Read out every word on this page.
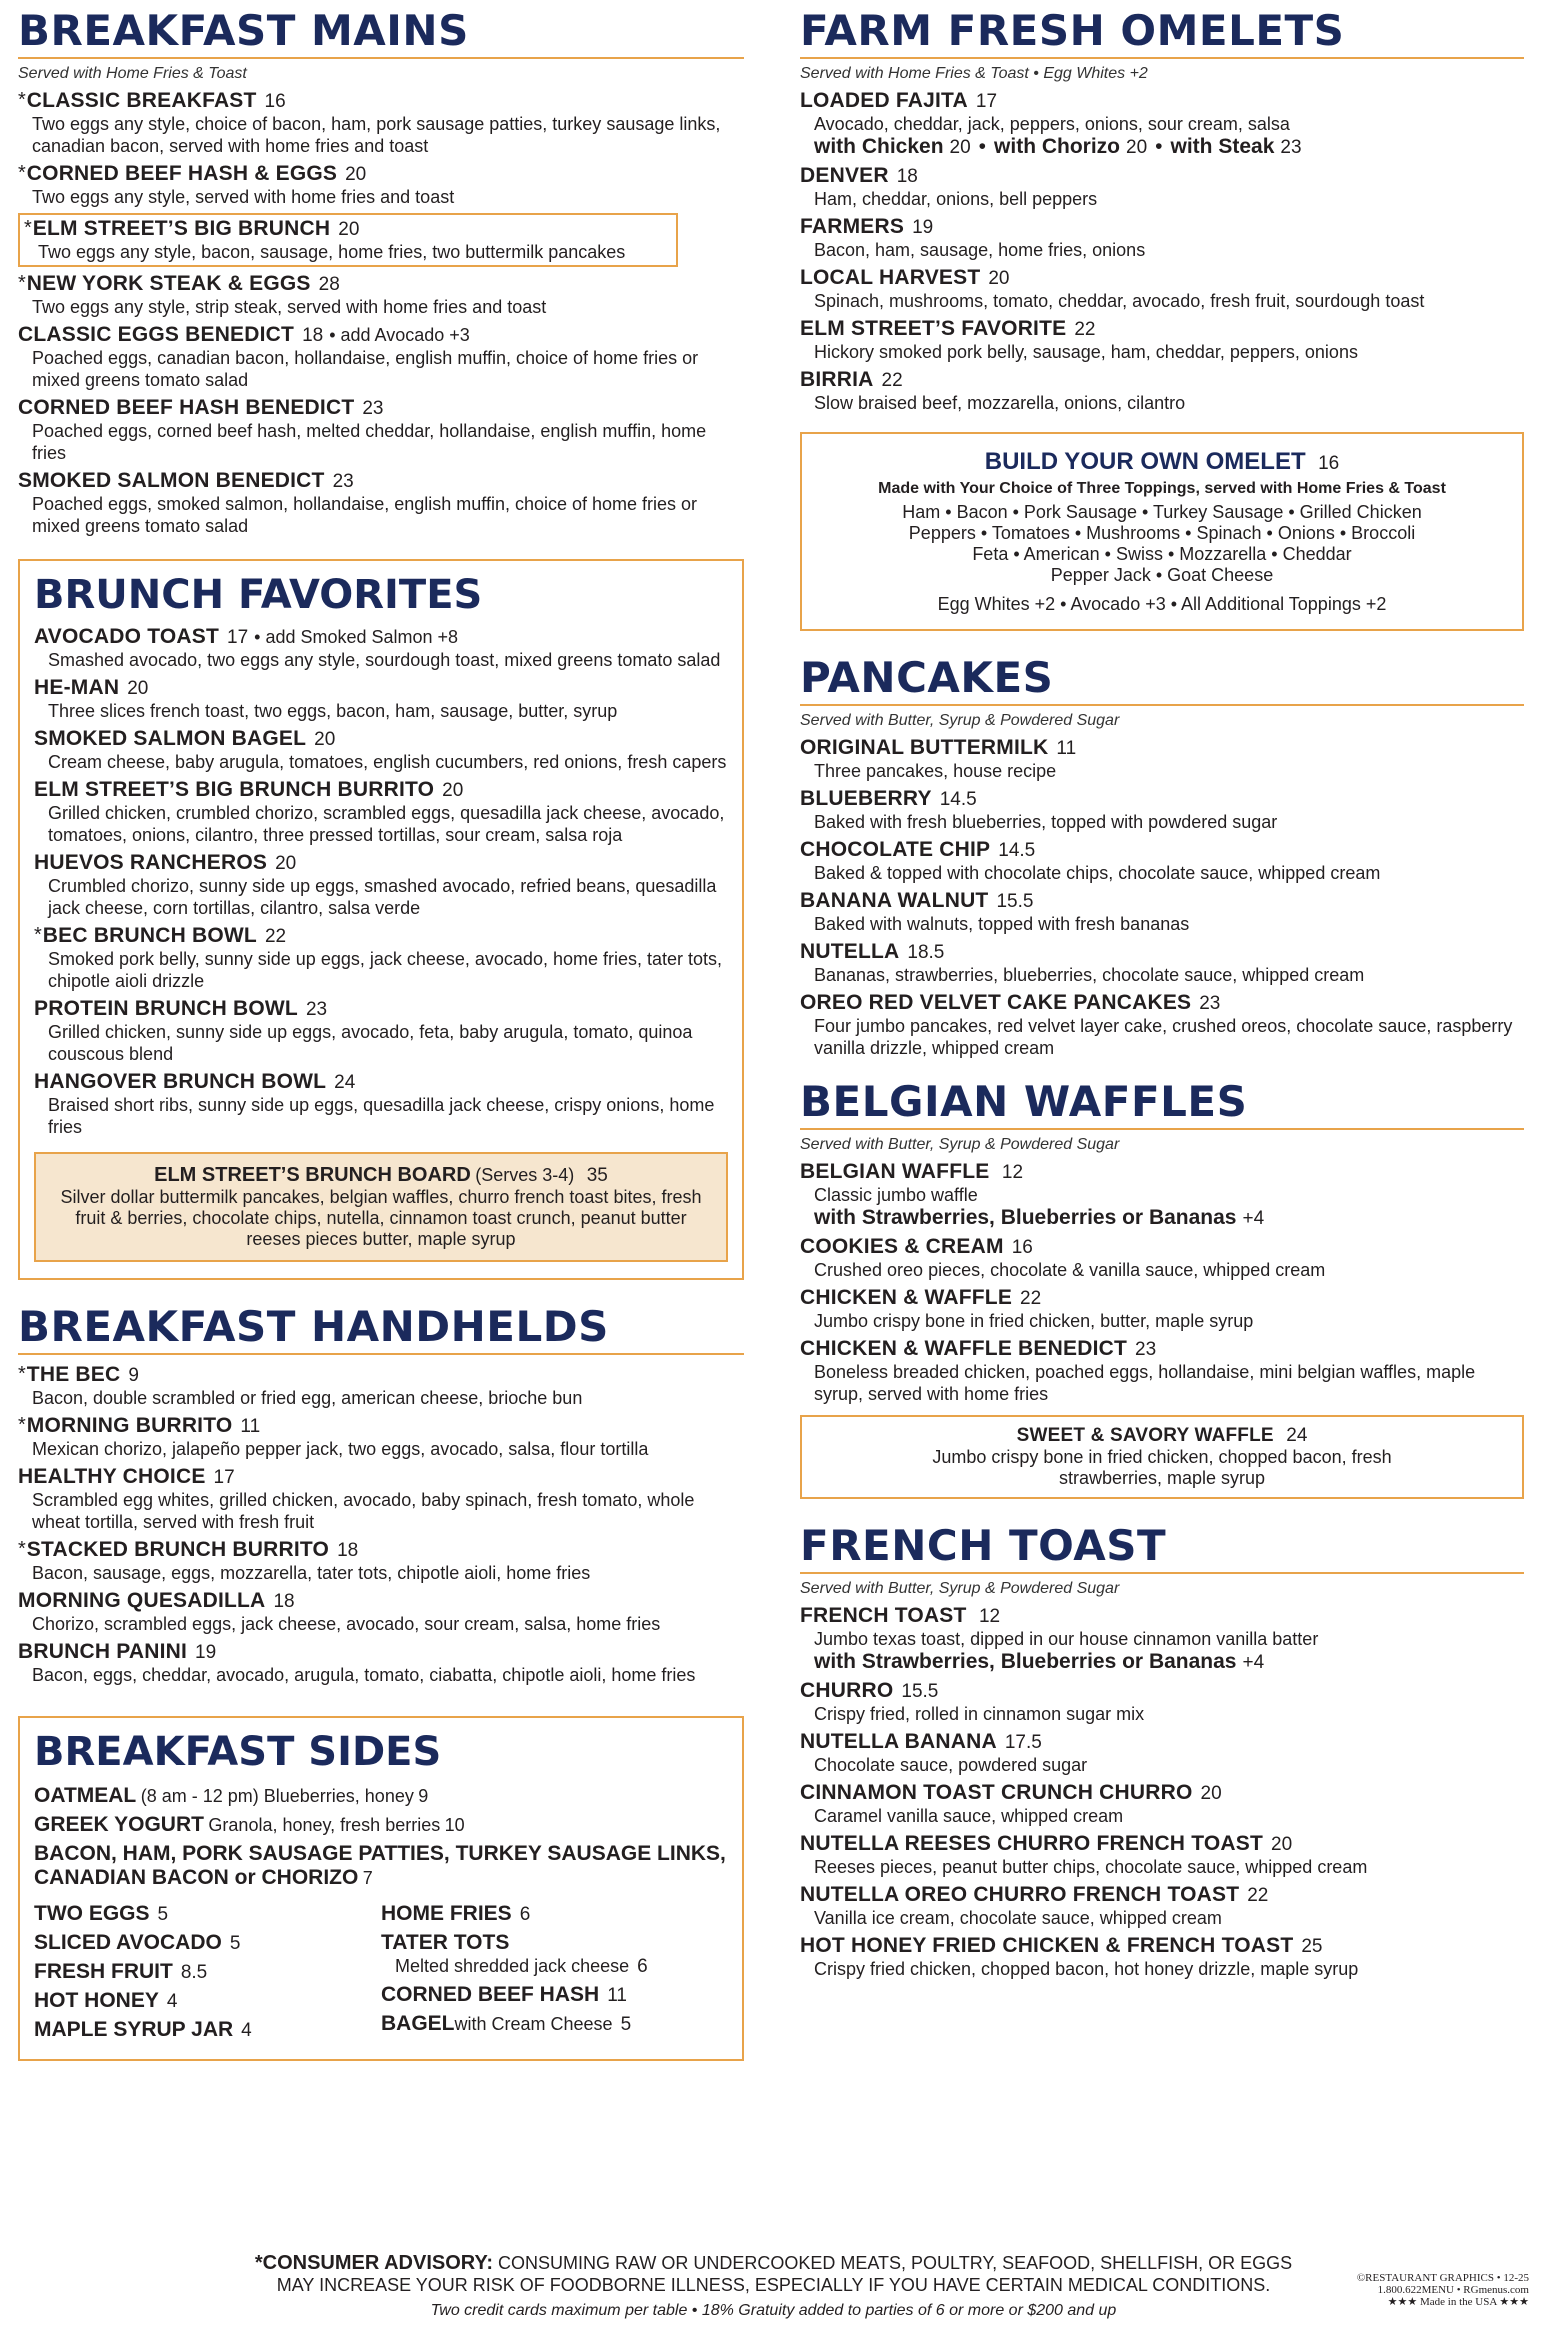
BREAKFAST MAINS
Served with Home Fries & Toast
*CLASSIC BREAKFAST 16
Two eggs any style, choice of bacon, ham, pork sausage patties, turkey sausage links, canadian bacon, served with home fries and toast
*CORNED BEEF HASH & EGGS 20
Two eggs any style, served with home fries and toast
*ELM STREET’S BIG BRUNCH 20
Two eggs any style, bacon, sausage, home fries, two buttermilk pancakes
*NEW YORK STEAK & EGGS 28
Two eggs any style, strip steak, served with home fries and toast
CLASSIC EGGS BENEDICT 18 • add Avocado +3
Poached eggs, canadian bacon, hollandaise, english muffin, choice of home fries or mixed greens tomato salad
CORNED BEEF HASH BENEDICT 23
Poached eggs, corned beef hash, melted cheddar, hollandaise, english muffin, home fries
SMOKED SALMON BENEDICT 23
Poached eggs, smoked salmon, hollandaise, english muffin, choice of home fries or mixed greens tomato salad
BRUNCH FAVORITES
AVOCADO TOAST 17 • add Smoked Salmon +8
Smashed avocado, two eggs any style, sourdough toast, mixed greens tomato salad
HE-MAN 20
Three slices french toast, two eggs, bacon, ham, sausage, butter, syrup
SMOKED SALMON BAGEL 20
Cream cheese, baby arugula, tomatoes, english cucumbers, red onions, fresh capers
ELM STREET’S BIG BRUNCH BURRITO 20
Grilled chicken, crumbled chorizo, scrambled eggs, quesadilla jack cheese, avocado, tomatoes, onions, cilantro, three pressed tortillas, sour cream, salsa roja
HUEVOS RANCHEROS 20
Crumbled chorizo, sunny side up eggs, smashed avocado, refried beans, quesadilla jack cheese, corn tortillas, cilantro, salsa verde
*BEC BRUNCH BOWL 22
Smoked pork belly, sunny side up eggs, jack cheese, avocado, home fries, tater tots, chipotle aioli drizzle
PROTEIN BRUNCH BOWL 23
Grilled chicken, sunny side up eggs, avocado, feta, baby arugula, tomato, quinoa couscous blend
HANGOVER BRUNCH BOWL 24
Braised short ribs, sunny side up eggs, quesadilla jack cheese, crispy onions, home fries
ELM STREET’S BRUNCH BOARD (Serves 3-4) 35
Silver dollar buttermilk pancakes, belgian waffles, churro french toast bites, fresh fruit & berries, chocolate chips, nutella, cinnamon toast crunch, peanut butter reeses pieces butter, maple syrup
BREAKFAST HANDHELDS
*THE BEC 9
Bacon, double scrambled or fried egg, american cheese, brioche bun
*MORNING BURRITO 11
Mexican chorizo, jalapeño pepper jack, two eggs, avocado, salsa, flour tortilla
HEALTHY CHOICE 17
Scrambled egg whites, grilled chicken, avocado, baby spinach, fresh tomato, whole wheat tortilla, served with fresh fruit
*STACKED BRUNCH BURRITO 18
Bacon, sausage, eggs, mozzarella, tater tots, chipotle aioli, home fries
MORNING QUESADILLA 18
Chorizo, scrambled eggs, jack cheese, avocado, sour cream, salsa, home fries
BRUNCH PANINI 19
Bacon, eggs, cheddar, avocado, arugula, tomato, ciabatta, chipotle aioli, home fries
BREAKFAST SIDES
OATMEAL (8 am - 12 pm) Blueberries, honey 9
GREEK YOGURT Granola, honey, fresh berries 10
BACON, HAM, PORK SAUSAGE PATTIES, TURKEY SAUSAGE LINKS, CANADIAN BACON or CHORIZO 7
TWO EGGS 5
SLICED AVOCADO 5
FRESH FRUIT 8.5
HOT HONEY 4
MAPLE SYRUP JAR 4
HOME FRIES 6
TATER TOTS
Melted shredded jack cheese 6
CORNED BEEF HASH 11
BAGELwith Cream Cheese 5
FARM FRESH OMELETS
Served with Home Fries & Toast • Egg Whites +2
LOADED FAJITA 17
Avocado, cheddar, jack, peppers, onions, sour cream, salsa
with Chicken 20 • with Chorizo 20 • with Steak 23
DENVER 18
Ham, cheddar, onions, bell peppers
FARMERS 19
Bacon, ham, sausage, home fries, onions
LOCAL HARVEST 20
Spinach, mushrooms, tomato, cheddar, avocado, fresh fruit, sourdough toast
ELM STREET’S FAVORITE 22
Hickory smoked pork belly, sausage, ham, cheddar, peppers, onions
BIRRIA 22
Slow braised beef, mozzarella, onions, cilantro
BUILD YOUR OWN OMELET 16
Made with Your Choice of Three Toppings, served with Home Fries & Toast
Ham • Bacon • Pork Sausage • Turkey Sausage • Grilled Chicken
Peppers • Tomatoes • Mushrooms • Spinach • Onions • Broccoli
Feta • American • Swiss • Mozzarella • Cheddar
Pepper Jack • Goat Cheese
Egg Whites +2 • Avocado +3 • All Additional Toppings +2
PANCAKES
Served with Butter, Syrup & Powdered Sugar
ORIGINAL BUTTERMILK 11
Three pancakes, house recipe
BLUEBERRY 14.5
Baked with fresh blueberries, topped with powdered sugar
CHOCOLATE CHIP 14.5
Baked & topped with chocolate chips, chocolate sauce, whipped cream
BANANA WALNUT 15.5
Baked with walnuts, topped with fresh bananas
NUTELLA 18.5
Bananas, strawberries, blueberries, chocolate sauce, whipped cream
OREO RED VELVET CAKE PANCAKES 23
Four jumbo pancakes, red velvet layer cake, crushed oreos, chocolate sauce, raspberry vanilla drizzle, whipped cream
BELGIAN WAFFLES
Served with Butter, Syrup & Powdered Sugar
BELGIAN WAFFLE 12
Classic jumbo waffle
with Strawberries, Blueberries or Bananas +4
COOKIES & CREAM 16
Crushed oreo pieces, chocolate & vanilla sauce, whipped cream
CHICKEN & WAFFLE 22
Jumbo crispy bone in fried chicken, butter, maple syrup
CHICKEN & WAFFLE BENEDICT 23
Boneless breaded chicken, poached eggs, hollandaise, mini belgian waffles, maple syrup, served with home fries
SWEET & SAVORY WAFFLE 24
Jumbo crispy bone in fried chicken, chopped bacon, fresh strawberries, maple syrup
FRENCH TOAST
Served with Butter, Syrup & Powdered Sugar
FRENCH TOAST 12
Jumbo texas toast, dipped in our house cinnamon vanilla batter
with Strawberries, Blueberries or Bananas +4
CHURRO 15.5
Crispy fried, rolled in cinnamon sugar mix
NUTELLA BANANA 17.5
Chocolate sauce, powdered sugar
CINNAMON TOAST CRUNCH CHURRO 20
Caramel vanilla sauce, whipped cream
NUTELLA REESES CHURRO FRENCH TOAST 20
Reeses pieces, peanut butter chips, chocolate sauce, whipped cream
NUTELLA OREO CHURRO FRENCH TOAST 22
Vanilla ice cream, chocolate sauce, whipped cream
HOT HONEY FRIED CHICKEN & FRENCH TOAST 25
Crispy fried chicken, chopped bacon, hot honey drizzle, maple syrup
*CONSUMER ADVISORY: CONSUMING RAW OR UNDERCOOKED MEATS, POULTRY, SEAFOOD, SHELLFISH, OR EGGS
MAY INCREASE YOUR RISK OF FOODBORNE ILLNESS, ESPECIALLY IF YOU HAVE CERTAIN MEDICAL CONDITIONS.
Two credit cards maximum per table • 18% Gratuity added to parties of 6 or more or $200 and up
©RESTAURANT GRAPHICS • 12-25
1.800.622MENU • RGmenus.com
★★★ Made in the USA ★★★
